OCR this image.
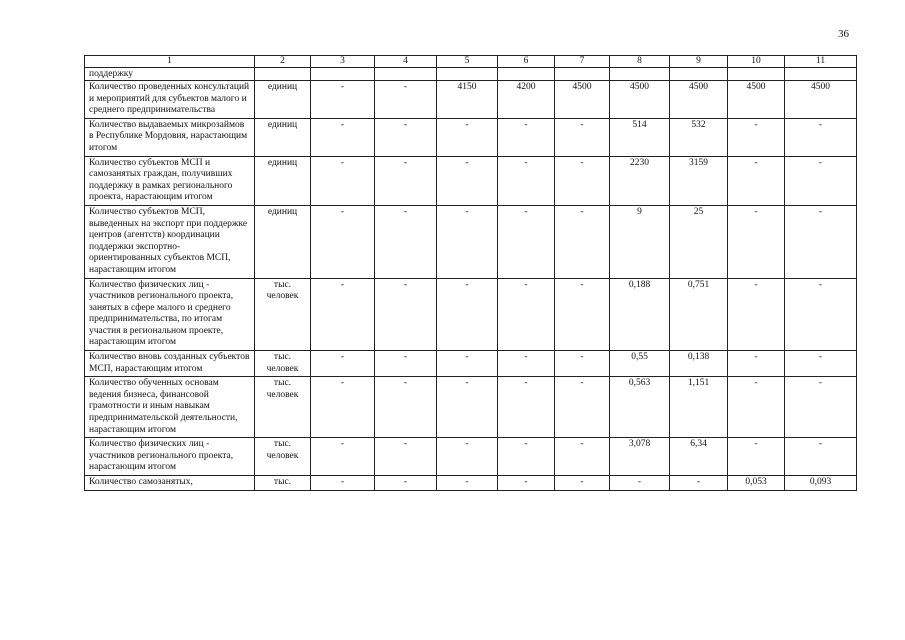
36
1	2	3	4	5	6	7	8	9	10	11
поддержку										
Количество проведенных консультаций и мероприятий для субъектов малого и среднего предпринимательства	единиц	-	-	4150	4200	4500	4500	4500	4500	4500
Количество выдаваемых микрозаймов в Республике Мордовия, нарастающим итогом	единиц	-	-	-	-	-	514	532	-	-
Количество субъектов МСП и самозанятых граждан, получивших поддержку в рамках регионального проекта, нарастающим итогом	единиц	-	-	-	-	-	2230	3159	-	-
Количество субъектов МСП, выведенных на экспорт при поддержке центров (агентств) координации поддержки экспортно-ориентированных субъектов МСП, нарастающим итогом	единиц	-	-	-	-	-	9	25	-	-
Количество физических лиц - участников регионального проекта, занятых в сфере малого и среднего предпринимательства, по итогам участия в региональном проекте, нарастающим итогом	тыс. человек	-	-	-	-	-	0,188	0,751	-	-
Количество вновь созданных субъектов МСП, нарастающим итогом	тыс. человек	-	-	-	-	-	0,55	0,138	-	-
Количество обученных основам ведения бизнеса, финансовой грамотности и иным навыкам предпринимательской деятельности, нарастающим итогом	тыс. человек	-	-	-	-	-	0,563	1,151	-	-
Количество физических лиц - участников регионального проекта, нарастающим итогом	тыс. человек	-	-	-	-	-	3,078	6,34	-	-
Количество самозанятых,	тыс.	-	-	-	-	-	-	-	0,053	0,093
